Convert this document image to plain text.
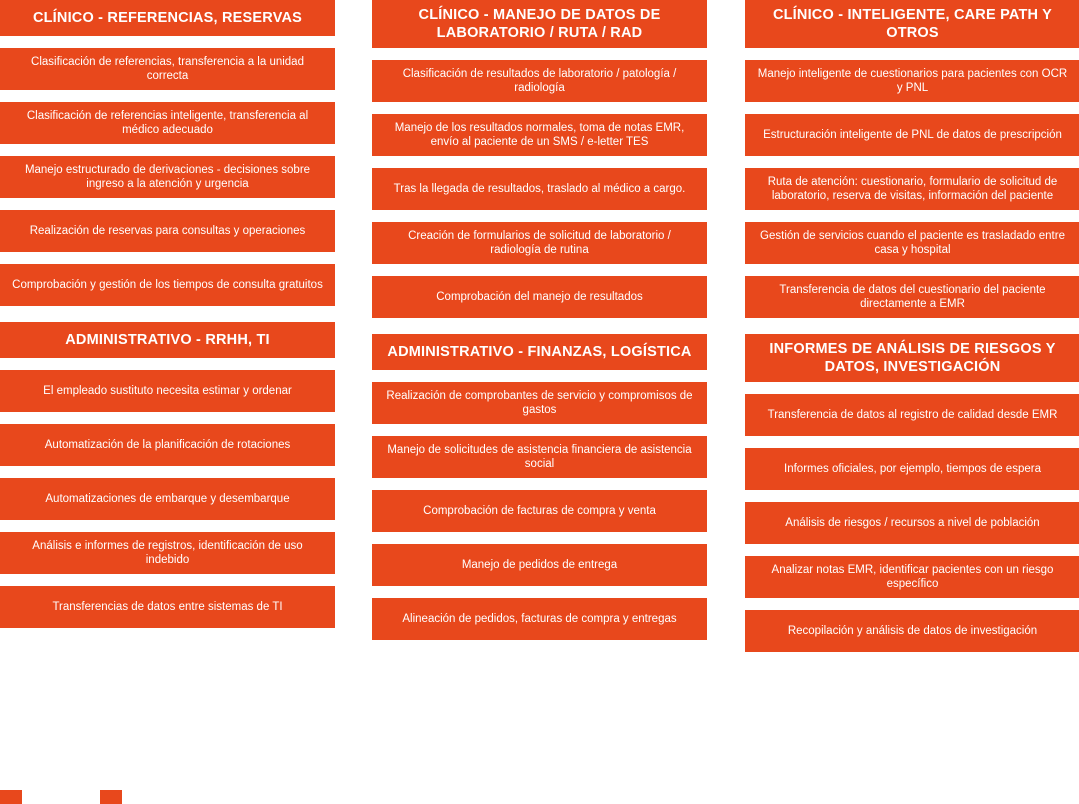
CLÍNICO - REFERENCIAS, RESERVAS
Clasificación de referencias, transferencia a la unidad correcta
Clasificación de referencias inteligente, transferencia al médico adecuado
Manejo estructurado de derivaciones - decisiones sobre ingreso a la atención y urgencia
Realización de reservas para consultas y operaciones
Comprobación y gestión de los tiempos de consulta gratuitos
ADMINISTRATIVO - RRHH, TI
El empleado sustituto necesita estimar y ordenar
Automatización de la planificación de rotaciones
Automatizaciones de embarque y desembarque
Análisis e informes de registros, identificación de uso indebido
Transferencias de datos entre sistemas de TI
CLÍNICO - MANEJO DE DATOS DE LABORATORIO / RUTA / RAD
Clasificación de resultados de laboratorio / patología / radiología
Manejo de los resultados normales, toma de notas EMR, envío al paciente de un SMS / e-letter TES
Tras la llegada de resultados, traslado al médico a cargo.
Creación de formularios de solicitud de laboratorio / radiología de rutina
Comprobación del manejo de resultados
ADMINISTRATIVO - FINANZAS, LOGÍSTICA
Realización de comprobantes de servicio y compromisos de gastos
Manejo de solicitudes de asistencia financiera de asistencia social
Comprobación de facturas de compra y venta
Manejo de pedidos de entrega
Alineación de pedidos, facturas de compra y entregas
CLÍNICO - INTELIGENTE, CARE PATH Y OTROS
Manejo inteligente de cuestionarios para pacientes con OCR y PNL
Estructuración inteligente de PNL de datos de prescripción
Ruta de atención: cuestionario, formulario de solicitud de laboratorio, reserva de visitas, información del paciente
Gestión de servicios cuando el paciente es trasladado entre casa y hospital
Transferencia de datos del cuestionario del paciente directamente a EMR
INFORMES DE ANÁLISIS DE RIESGOS Y DATOS, INVESTIGACIÓN
Transferencia de datos al registro de calidad desde EMR
Informes oficiales, por ejemplo, tiempos de espera
Análisis de riesgos / recursos a nivel de población
Analizar notas EMR, identificar pacientes con un riesgo específico
Recopilación y análisis de datos de investigación
